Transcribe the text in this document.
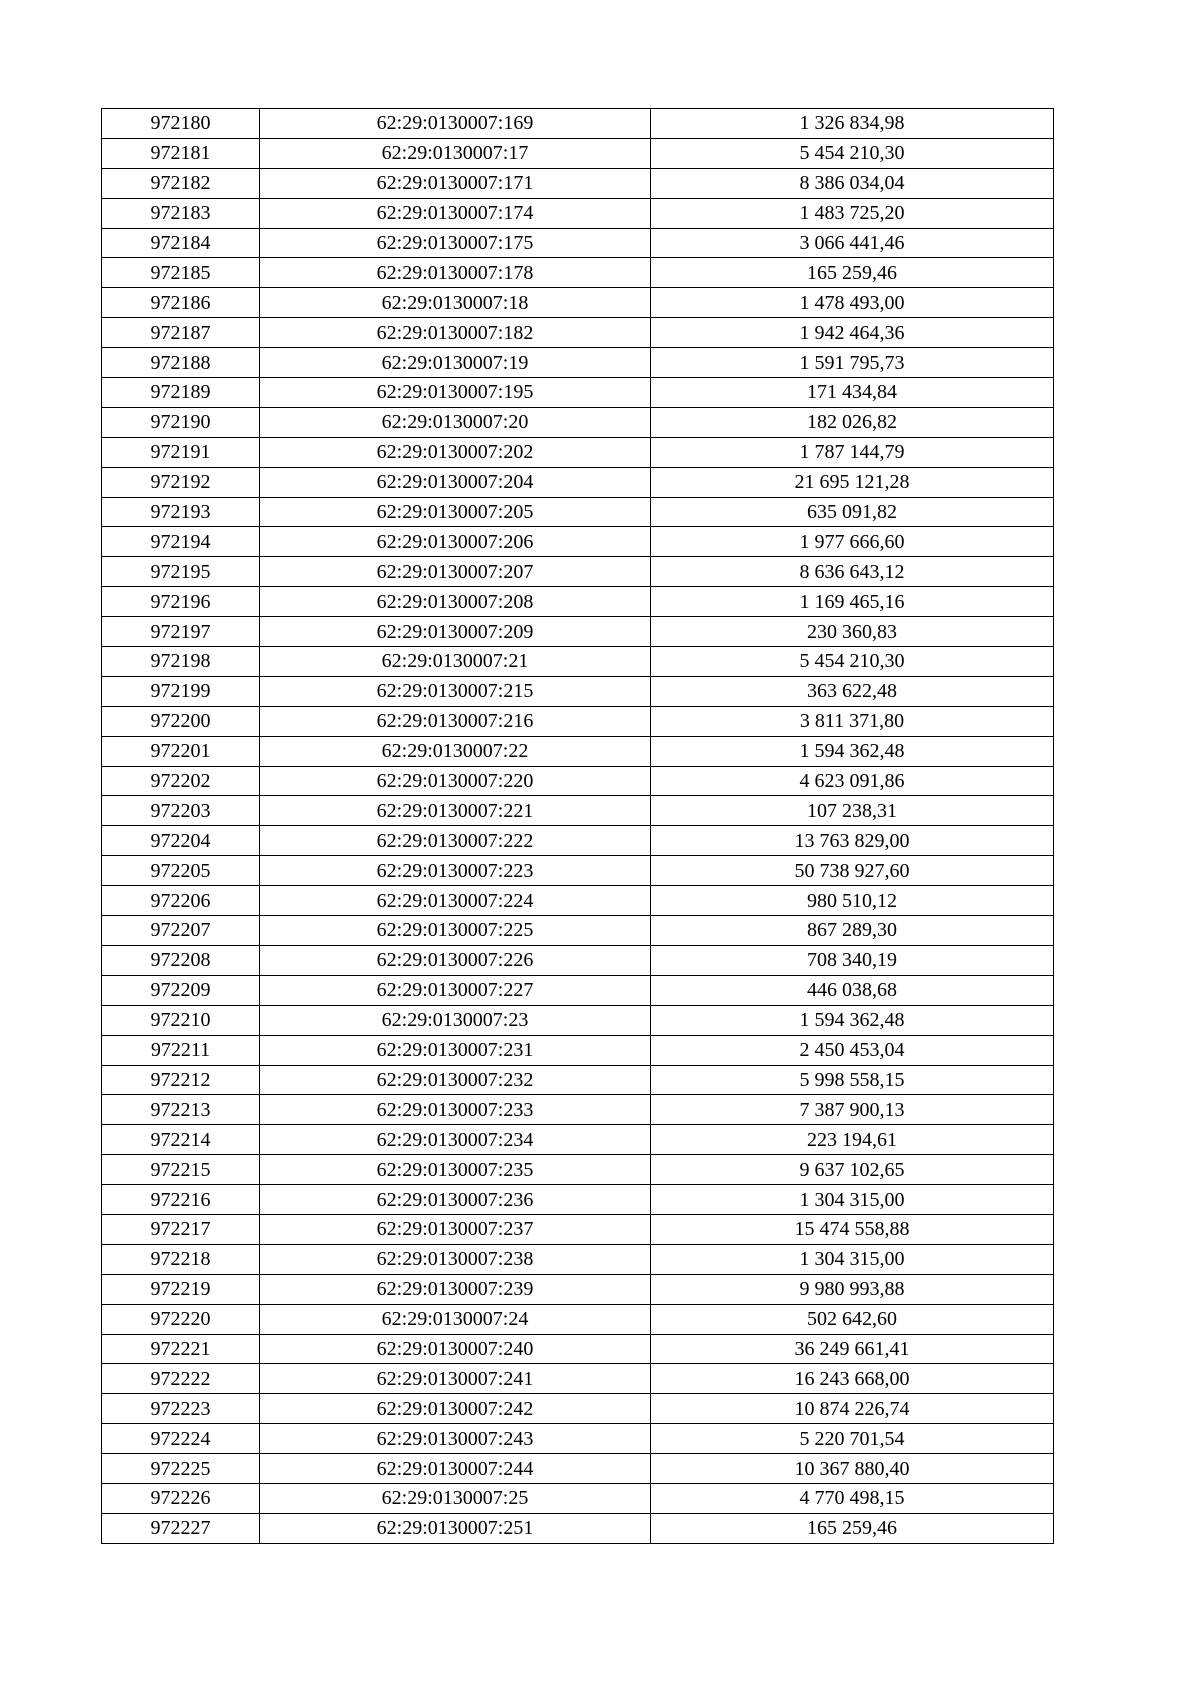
972180	62:29:0130007:169	1 326 834,98
972181	62:29:0130007:17	5 454 210,30
972182	62:29:0130007:171	8 386 034,04
972183	62:29:0130007:174	1 483 725,20
972184	62:29:0130007:175	3 066 441,46
972185	62:29:0130007:178	165 259,46
972186	62:29:0130007:18	1 478 493,00
972187	62:29:0130007:182	1 942 464,36
972188	62:29:0130007:19	1 591 795,73
972189	62:29:0130007:195	171 434,84
972190	62:29:0130007:20	182 026,82
972191	62:29:0130007:202	1 787 144,79
972192	62:29:0130007:204	21 695 121,28
972193	62:29:0130007:205	635 091,82
972194	62:29:0130007:206	1 977 666,60
972195	62:29:0130007:207	8 636 643,12
972196	62:29:0130007:208	1 169 465,16
972197	62:29:0130007:209	230 360,83
972198	62:29:0130007:21	5 454 210,30
972199	62:29:0130007:215	363 622,48
972200	62:29:0130007:216	3 811 371,80
972201	62:29:0130007:22	1 594 362,48
972202	62:29:0130007:220	4 623 091,86
972203	62:29:0130007:221	107 238,31
972204	62:29:0130007:222	13 763 829,00
972205	62:29:0130007:223	50 738 927,60
972206	62:29:0130007:224	980 510,12
972207	62:29:0130007:225	867 289,30
972208	62:29:0130007:226	708 340,19
972209	62:29:0130007:227	446 038,68
972210	62:29:0130007:23	1 594 362,48
972211	62:29:0130007:231	2 450 453,04
972212	62:29:0130007:232	5 998 558,15
972213	62:29:0130007:233	7 387 900,13
972214	62:29:0130007:234	223 194,61
972215	62:29:0130007:235	9 637 102,65
972216	62:29:0130007:236	1 304 315,00
972217	62:29:0130007:237	15 474 558,88
972218	62:29:0130007:238	1 304 315,00
972219	62:29:0130007:239	9 980 993,88
972220	62:29:0130007:24	502 642,60
972221	62:29:0130007:240	36 249 661,41
972222	62:29:0130007:241	16 243 668,00
972223	62:29:0130007:242	10 874 226,74
972224	62:29:0130007:243	5 220 701,54
972225	62:29:0130007:244	10 367 880,40
972226	62:29:0130007:25	4 770 498,15
972227	62:29:0130007:251	165 259,46
